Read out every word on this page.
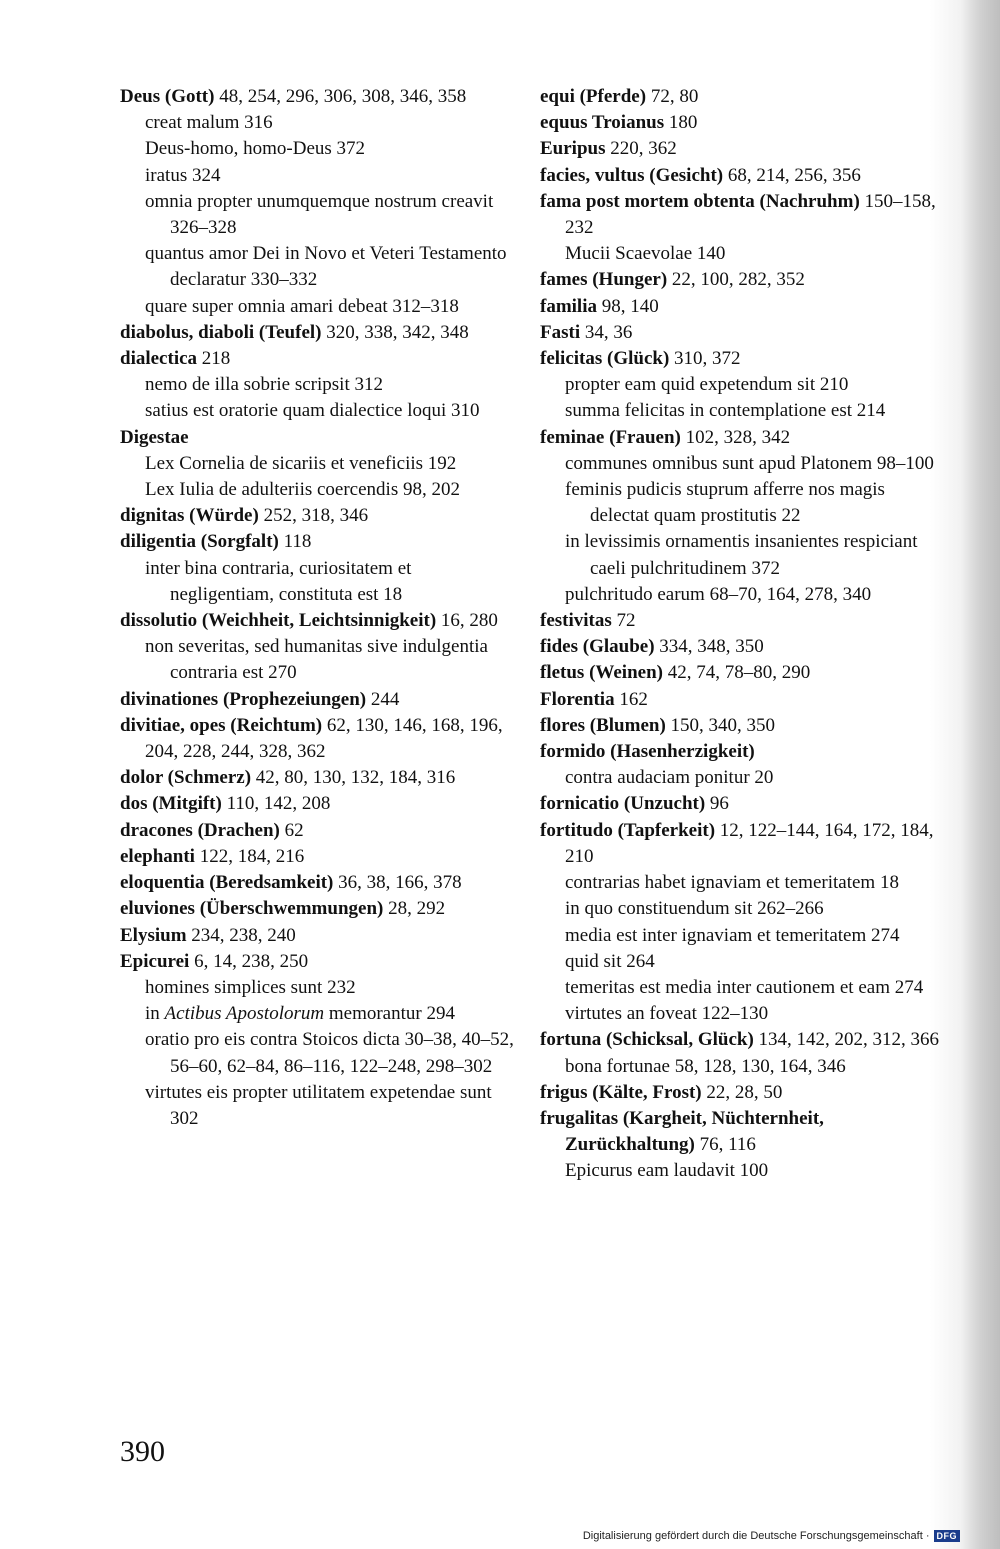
Deus (Gott) 48, 254, 296, 306, 308, 346, 358

creat malum 316

Deus-homo, homo-Deus 372

iratus 324

omnia propter unumquemque nostrum creavit 326–328

quantus amor Dei in Novo et Veteri Testamento declaratur 330–332

quare super omnia amari debeat 312–318

diabolus, diaboli (Teufel) 320, 338, 342, 348

dialectica 218

nemo de illa sobrie scripsit 312

satius est oratorie quam dialectice loqui 310

Digestae

Lex Cornelia de sicariis et veneficiis 192

Lex Iulia de adulteriis coercendis 98, 202

dignitas (Würde) 252, 318, 346

diligentia (Sorgfalt) 118

inter bina contraria, curiositatem et negligentiam, constituta est 18

dissolutio (Weichheit, Leichtsinnigkeit) 16, 280

non severitas, sed humanitas sive indulgentia contraria est 270

divinationes (Prophezeiungen) 244

divitiae, opes (Reichtum) 62, 130, 146, 168, 196, 204, 228, 244, 328, 362

dolor (Schmerz) 42, 80, 130, 132, 184, 316

dos (Mitgift) 110, 142, 208

dracones (Drachen) 62

elephanti 122, 184, 216

eloquentia (Beredsamkeit) 36, 38, 166, 378

eluviones (Überschwemmungen) 28, 292

Elysium 234, 238, 240

Epicurei 6, 14, 238, 250

homines simplices sunt 232

in Actibus Apostolorum memorantur 294

oratio pro eis contra Stoicos dicta 30–38, 40–52, 56–60, 62–84, 86–116, 122–248, 298–302

virtutes eis propter utilitatem expetendae sunt 302

equi (Pferde) 72, 80

equus Troianus 180

Euripus 220, 362

facies, vultus (Gesicht) 68, 214, 256, 356

fama post mortem obtenta (Nachruhm) 150–158, 232

Mucii Scaevolae 140

fames (Hunger) 22, 100, 282, 352

familia 98, 140

Fasti 34, 36

felicitas (Glück) 310, 372

propter eam quid expetendum sit 210

summa felicitas in contemplatione est 214

feminae (Frauen) 102, 328, 342

communes omnibus sunt apud Platonem 98–100

feminis pudicis stuprum afferre nos magis delectat quam prostitutis 22

in levissimis ornamentis insanientes respiciant caeli pulchritudinem 372

pulchritudo earum 68–70, 164, 278, 340

festivitas 72

fides (Glaube) 334, 348, 350

fletus (Weinen) 42, 74, 78–80, 290

Florentia 162

flores (Blumen) 150, 340, 350

formido (Hasenherzigkeit)

contra audaciam ponitur 20

fornicatio (Unzucht) 96

fortitudo (Tapferkeit) 12, 122–144, 164, 172, 184, 210

contrarias habet ignaviam et temeritatem 18

in quo constituendum sit 262–266

media est inter ignaviam et temeritatem 274

quid sit 264

temeritas est media inter cautionem et eam 274

virtutes an foveat 122–130

fortuna (Schicksal, Glück) 134, 142, 202, 312, 366

bona fortunae 58, 128, 130, 164, 346

frigus (Kälte, Frost) 22, 28, 50

frugalitas (Kargheit, Nüchternheit, Zurückhaltung) 76, 116

Epicurus eam laudavit 100

390
Digitalisierung gefördert durch die Deutsche Forschungsgemeinschaft · DFG
